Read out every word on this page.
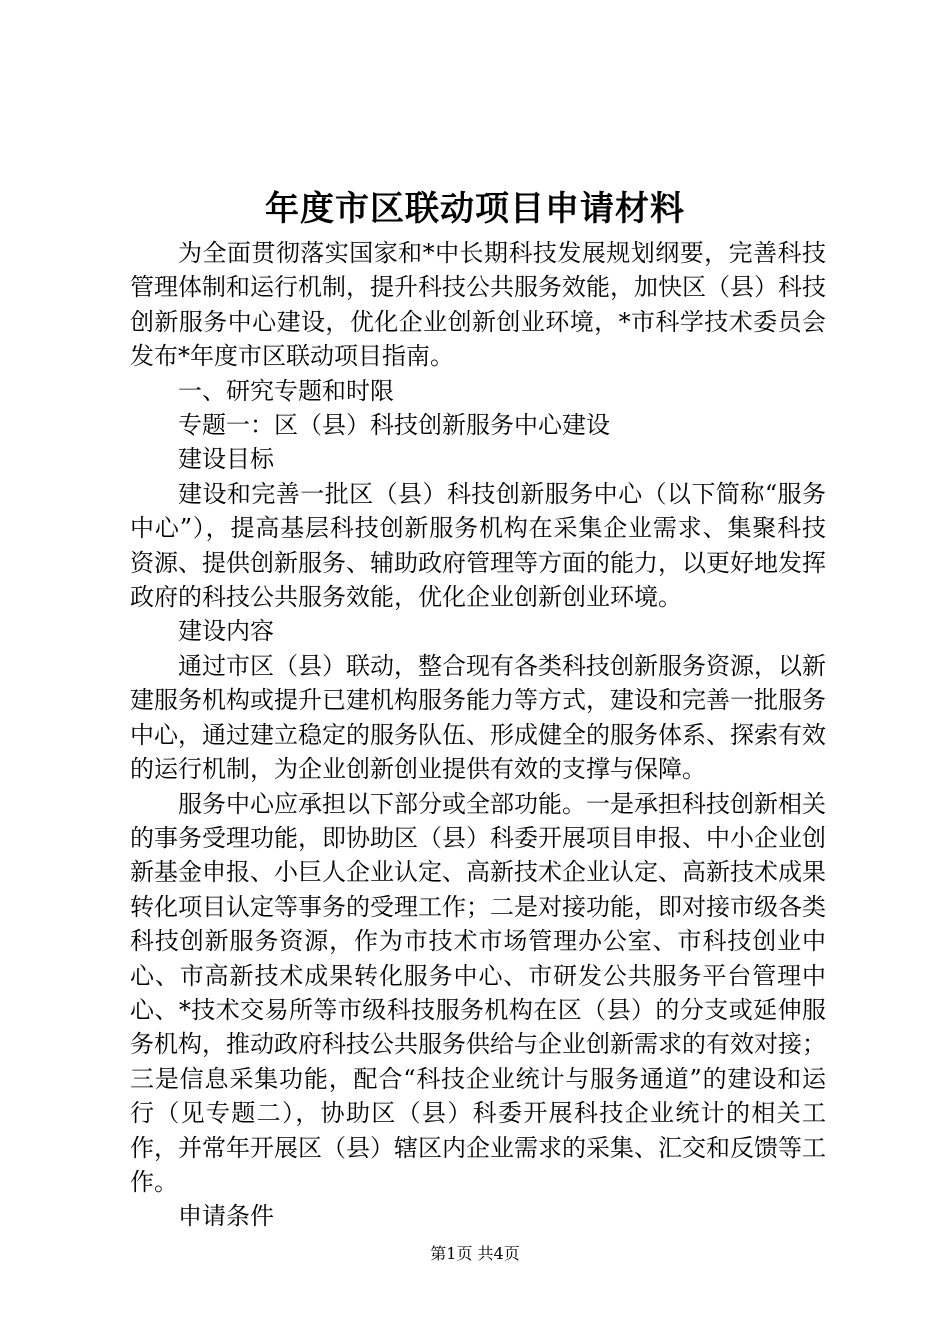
年度市区联动项目申请材料

为全面贯彻落实国家和*中长期科技发展规划纲要，完善科技管理体制和运行机制，提升科技公共服务效能，加快区（县）科技创新服务中心建设，优化企业创新创业环境，*市科学技术委员会发布*年度市区联动项目指南。

一、研究专题和时限

专题一：区（县）科技创新服务中心建设

建设目标

建设和完善一批区（县）科技创新服务中心（以下简称“服务中心”），提高基层科技创新服务机构在采集企业需求、集聚科技资源、提供创新服务、辅助政府管理等方面的能力，以更好地发挥政府的科技公共服务效能，优化企业创新创业环境。

建设内容

通过市区（县）联动，整合现有各类科技创新服务资源，以新建服务机构或提升已建机构服务能力等方式，建设和完善一批服务中心，通过建立稳定的服务队伍、形成健全的服务体系、探索有效的运行机制，为企业创新创业提供有效的支撑与保障。

服务中心应承担以下部分或全部功能。一是承担科技创新相关的事务受理功能，即协助区（县）科委开展项目申报、中小企业创新基金申报、小巨人企业认定、高新技术企业认定、高新技术成果转化项目认定等事务的受理工作；二是对接功能，即对接市级各类科技创新服务资源，作为市技术市场管理办公室、市科技创业中心、市高新技术成果转化服务中心、市研发公共服务平台管理中心、*技术交易所等市级科技服务机构在区（县）的分支或延伸服务机构，推动政府科技公共服务供给与企业创新需求的有效对接；三是信息采集功能，配合“科技企业统计与服务通道”的建设和运行（见专题二），协助区（县）科委开展科技企业统计的相关工作，并常年开展区（县）辖区内企业需求的采集、汇交和反馈等工作。

申请条件

第1页 共4页
